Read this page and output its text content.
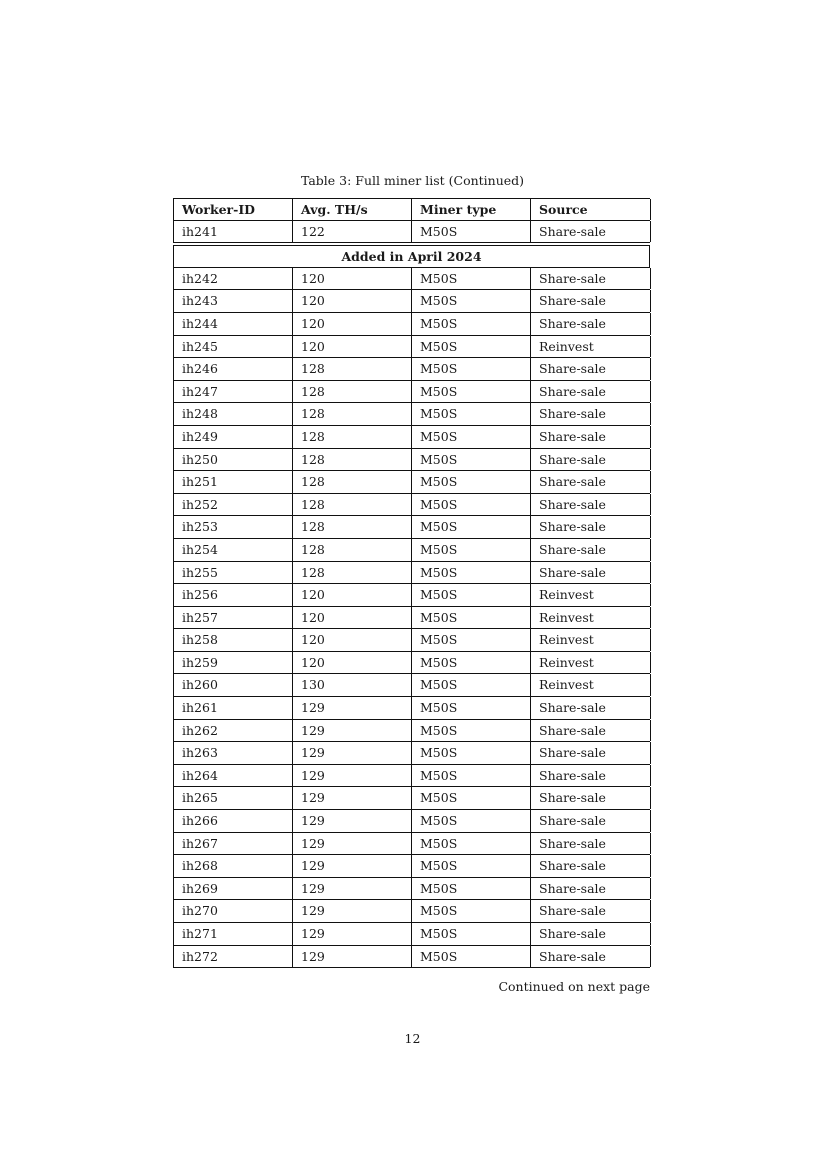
Table 3: Full miner list (Continued)
Worker-ID	Avg. TH/s	Miner type	Source
ih241	122	M50S	Share-sale
Added in April 2024
ih242	120	M50S	Share-sale
ih243	120	M50S	Share-sale
ih244	120	M50S	Share-sale
ih245	120	M50S	Reinvest
ih246	128	M50S	Share-sale
ih247	128	M50S	Share-sale
ih248	128	M50S	Share-sale
ih249	128	M50S	Share-sale
ih250	128	M50S	Share-sale
ih251	128	M50S	Share-sale
ih252	128	M50S	Share-sale
ih253	128	M50S	Share-sale
ih254	128	M50S	Share-sale
ih255	128	M50S	Share-sale
ih256	120	M50S	Reinvest
ih257	120	M50S	Reinvest
ih258	120	M50S	Reinvest
ih259	120	M50S	Reinvest
ih260	130	M50S	Reinvest
ih261	129	M50S	Share-sale
ih262	129	M50S	Share-sale
ih263	129	M50S	Share-sale
ih264	129	M50S	Share-sale
ih265	129	M50S	Share-sale
ih266	129	M50S	Share-sale
ih267	129	M50S	Share-sale
ih268	129	M50S	Share-sale
ih269	129	M50S	Share-sale
ih270	129	M50S	Share-sale
ih271	129	M50S	Share-sale
ih272	129	M50S	Share-sale
Continued on next page
12
